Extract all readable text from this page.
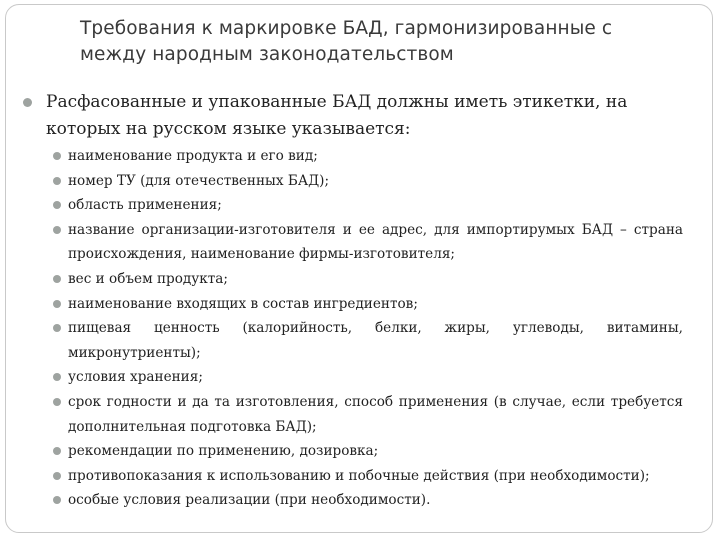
Требования к маркировке БАД, гармонизированные с
между народным законодательством
Расфасованные и упакованные БАД должны иметь этикетки, на
которых на русском языке указывается:
наименование продукта и его вид;
номер ТУ (для отечественных БАД);
область применения;
название организации-изготовителя и ее адрес, для импортирумых БАД – страна происхождения, наименование фирмы-изготовителя;
вес и объем продукта;
наименование входящих в состав ингредиентов;
пищевая ценность (калорийность, белки, жиры, углеводы, витамины, микронутриенты);
условия хранения;
срок годности и да та изготовления, способ применения (в случае, если требуется дополнительная подготовка БАД);
рекомендации по применению, дозировка;
противопоказания к использованию и побочные действия (при необходимости);
особые условия реализации (при необходимости).
